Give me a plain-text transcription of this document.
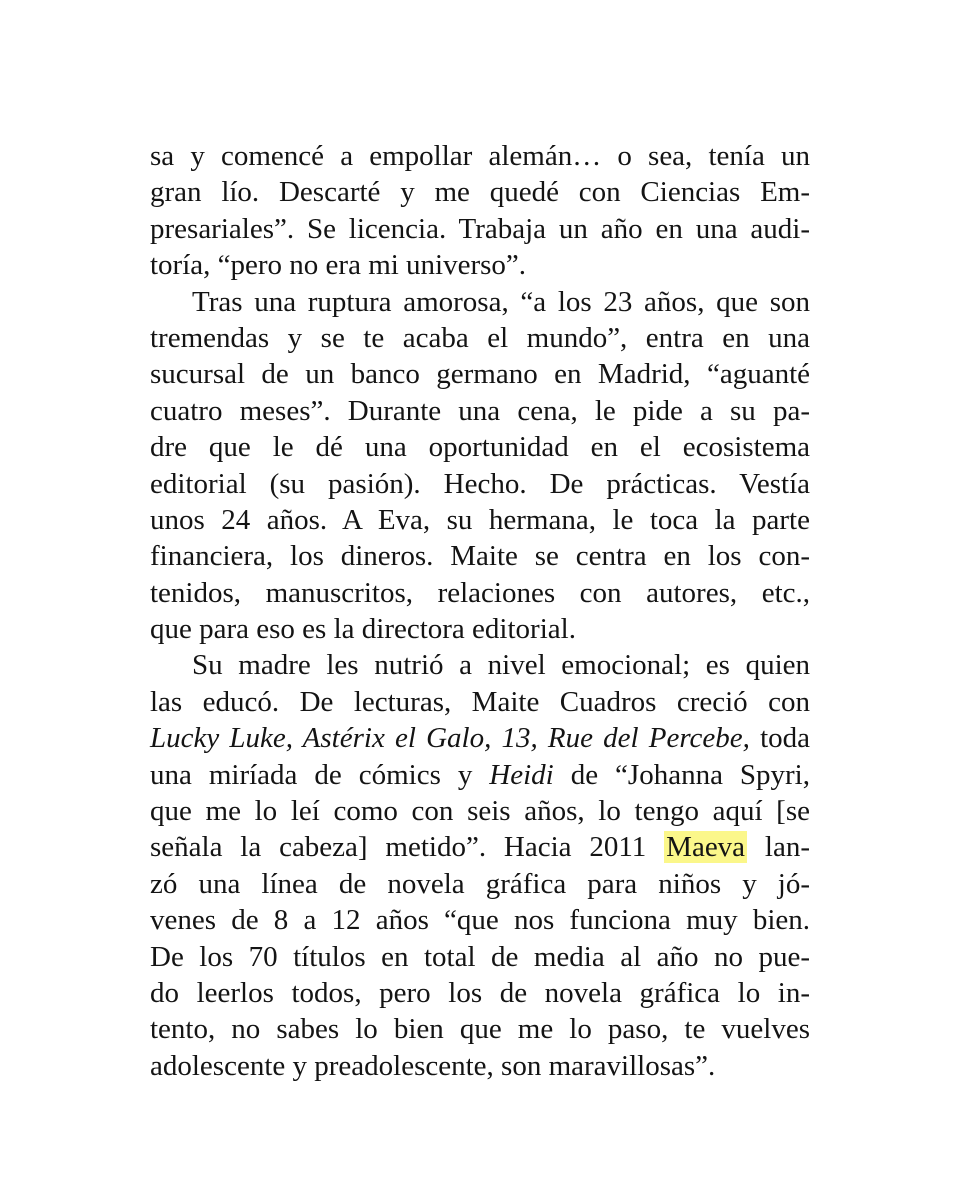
sa y comencé a empollar alemán… o sea, tenía un
gran lío. Descarté y me quedé con Ciencias Em-
presariales”. Se licencia. Trabaja un año en una audi-
toría, “pero no era mi universo”.
Tras una ruptura amorosa, “a los 23 años, que son
tremendas y se te acaba el mundo”, entra en una
sucursal de un banco germano en Madrid, “aguanté
cuatro meses”. Durante una cena, le pide a su pa-
dre que le dé una oportunidad en el ecosistema
editorial (su pasión). Hecho. De prácticas. Vestía
unos 24 años. A Eva, su hermana, le toca la parte
financiera, los dineros. Maite se centra en los con-
tenidos, manuscritos, relaciones con autores, etc.,
que para eso es la directora editorial.
Su madre les nutrió a nivel emocional; es quien
las educó. De lecturas, Maite Cuadros creció con
Lucky Luke, Astérix el Galo, 13, Rue del Percebe, toda
una miríada de cómics y Heidi de “Johanna Spyri,
que me lo leí como con seis años, lo tengo aquí [se
señala la cabeza] metido”. Hacia 2011 Maeva lan-
zó una línea de novela gráfica para niños y jó-
venes de 8 a 12 años “que nos funciona muy bien.
De los 70 títulos en total de media al año no pue-
do leerlos todos, pero los de novela gráfica lo in-
tento, no sabes lo bien que me lo paso, te vuelves
adolescente y preadolescente, son maravillosas”.
